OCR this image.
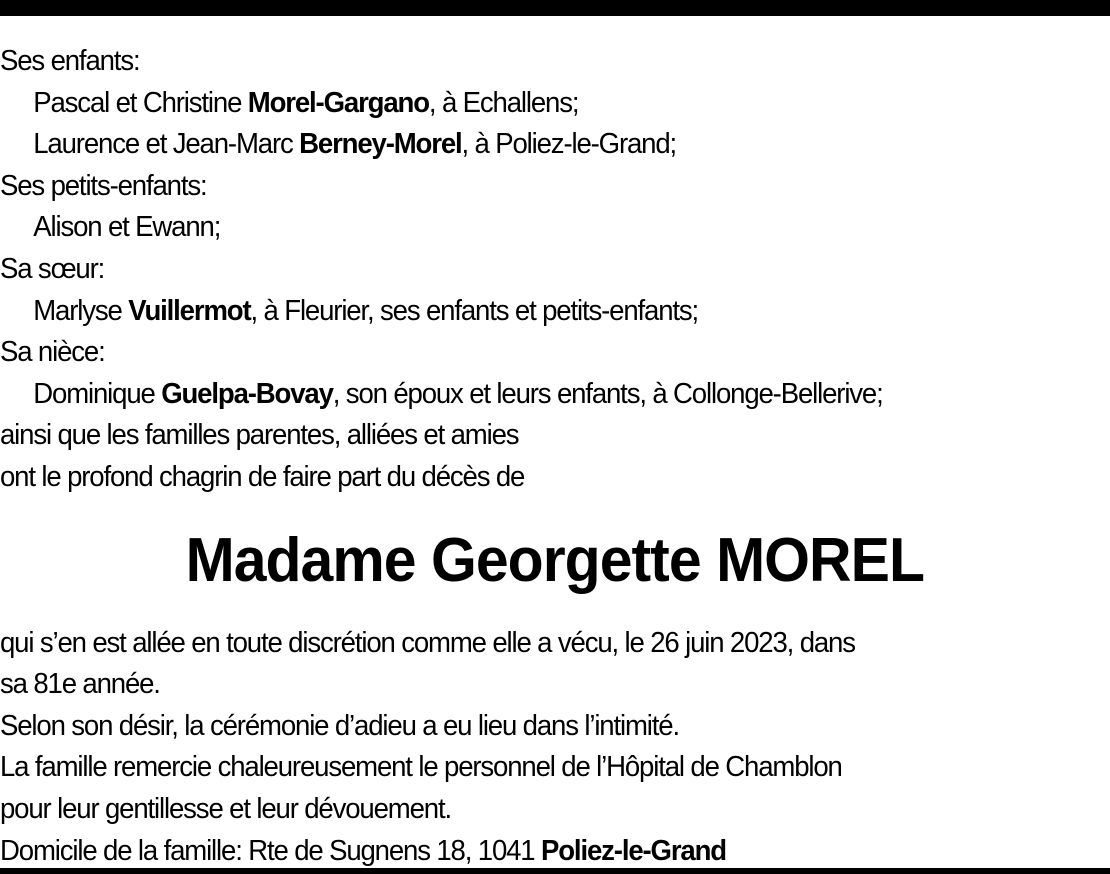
Ses enfants:
Pascal et Christine Morel-Gargano, à Echallens;
Laurence et Jean-Marc Berney-Morel, à Poliez-le-Grand;
Ses petits-enfants:
Alison et Ewann;
Sa sœur:
Marlyse Vuillermot, à Fleurier, ses enfants et petits-enfants;
Sa nièce:
Dominique Guelpa-Bovay, son époux et leurs enfants, à Collonge-Bellerive;
ainsi que les familles parentes, alliées et amies
ont le profond chagrin de faire part du décès de
Madame Georgette MOREL
qui s’en est allée en toute discrétion comme elle a vécu, le 26 juin 2023, dans
sa 81e année.
Selon son désir, la cérémonie d’adieu a eu lieu dans l’intimité.
La famille remercie chaleureusement le personnel de l’Hôpital de Chamblon
pour leur gentillesse et leur dévouement.
Domicile de la famille: Rte de Sugnens 18, 1041 Poliez-le-Grand
